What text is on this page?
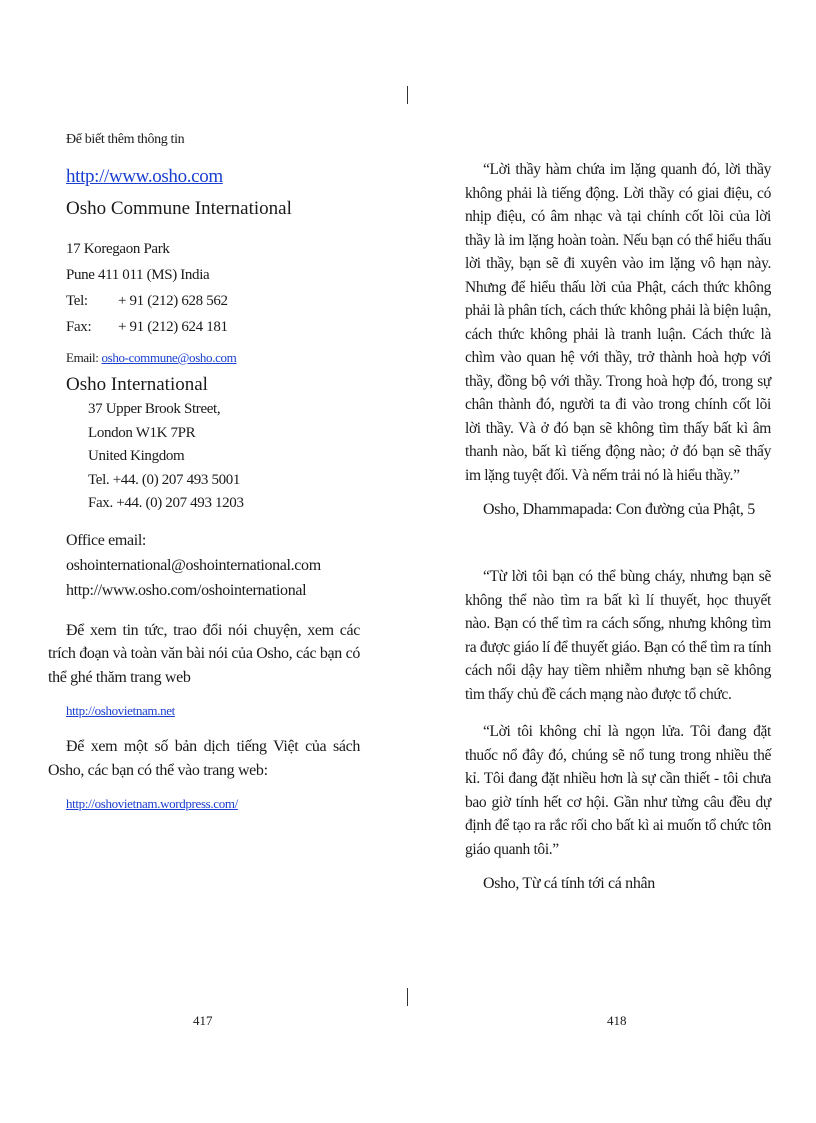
Để biết thêm thông tin
http://www.osho.com
Osho Commune International
17 Koregaon Park
Pune 411 011 (MS) India
Tel:	+ 91 (212) 628 562
Fax:	+ 91 (212) 624 181
Email: osho-commune@osho.com
Osho International
37 Upper Brook Street,
London W1K 7PR
United Kingdom
Tel. +44. (0) 207 493 5001
Fax. +44. (0) 207 493 1203
Office email:
oshointernational@oshointernational.com
http://www.osho.com/oshointernational

Để xem tin tức, trao đổi nói chuyện, xem các trích đoạn và toàn văn bài nói của Osho, các bạn có thể ghé thăm trang web

http://oshovietnam.net

Để xem một số bản dịch tiếng Việt của sách Osho, các bạn có thể vào trang web:

http://oshovietnam.wordpress.com/

“Lời thầy hàm chứa im lặng quanh đó, lời thầy không phải là tiếng động. Lời thầy có giai điệu, có nhịp điệu, có âm nhạc và tại chính cốt lõi của lời thầy là im lặng hoàn toàn. Nếu bạn có thể hiểu thấu lời thầy, bạn sẽ đi xuyên vào im lặng vô hạn này. Nhưng để hiểu thấu lời của Phật, cách thức không phải là phân tích, cách thức không phải là biện luận, cách thức không phải là tranh luận. Cách thức là chìm vào quan hệ với thầy, trở thành hoà hợp với thầy, đồng bộ với thầy. Trong hoà hợp đó, trong sự chân thành đó, người ta đi vào trong chính cốt lõi lời thầy. Và ở đó bạn sẽ không tìm thấy bất kì âm thanh nào, bất kì tiếng động nào; ở đó bạn sẽ thấy im lặng tuyệt đối. Và nếm trải nó là hiểu thầy.”

Osho, Dhammapada: Con đường của Phật, 5

“Từ lời tôi bạn có thể bùng cháy, nhưng bạn sẽ không thể nào tìm ra bất kì lí thuyết, học thuyết nào. Bạn có thể tìm ra cách sống, nhưng không tìm ra được giáo lí để thuyết giáo. Bạn có thể tìm ra tính cách nổi dậy hay tiềm nhiễm nhưng bạn sẽ không tìm thấy chủ đề cách mạng nào được tổ chức.

“Lời tôi không chỉ là ngọn lửa. Tôi đang đặt thuốc nổ đây đó, chúng sẽ nổ tung trong nhiều thế kỉ. Tôi đang đặt nhiều hơn là sự cần thiết - tôi chưa bao giờ tính hết cơ hội. Gần như từng câu đều dự định để tạo ra rắc rối cho bất kì ai muốn tổ chức tôn giáo quanh tôi.”

Osho, Từ cá tính tới cá nhân
417	418
